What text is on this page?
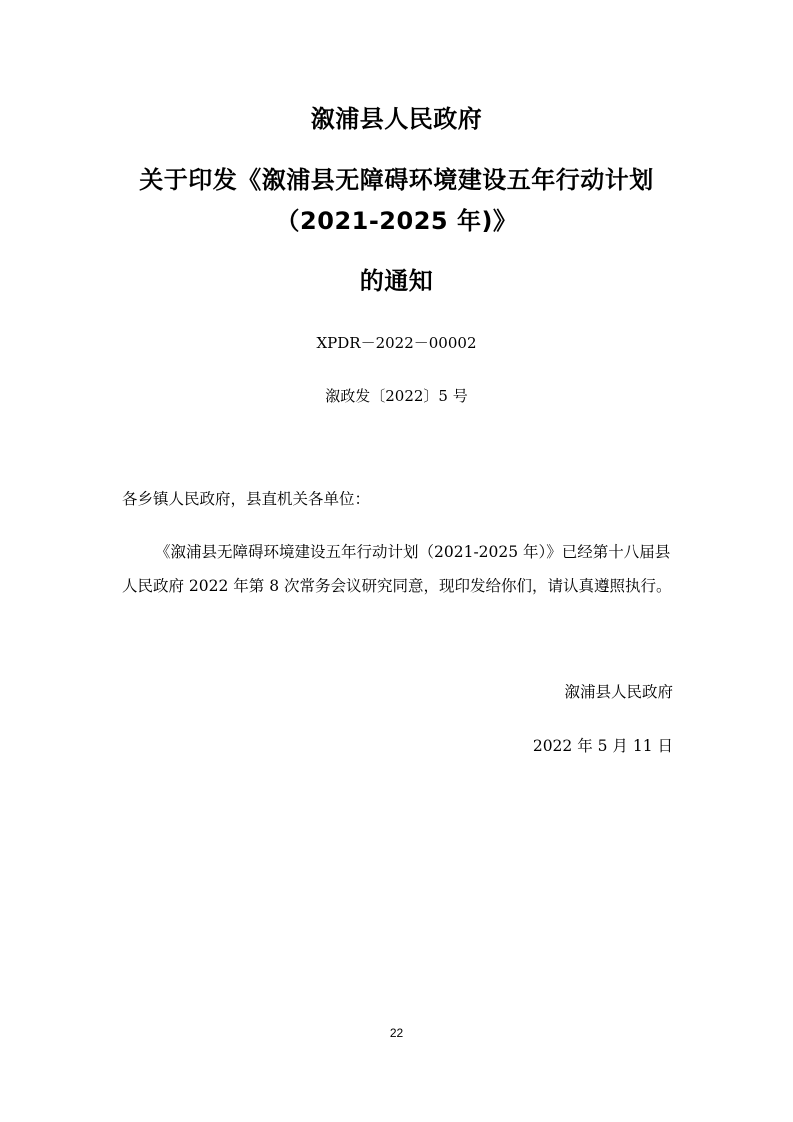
溆浦县人民政府
关于印发《溆浦县无障碍环境建设五年行动计划
（2021-2025 年)》
的通知
XPDR－2022－00002
溆政发〔2022〕5 号
各乡镇人民政府，县直机关各单位：
《溆浦县无障碍环境建设五年行动计划（2021-2025 年）》已经第十八届县
人民政府 2022 年第 8 次常务会议研究同意，现印发给你们，请认真遵照执行。
溆浦县人民政府
2022 年 5 月 11 日
22
